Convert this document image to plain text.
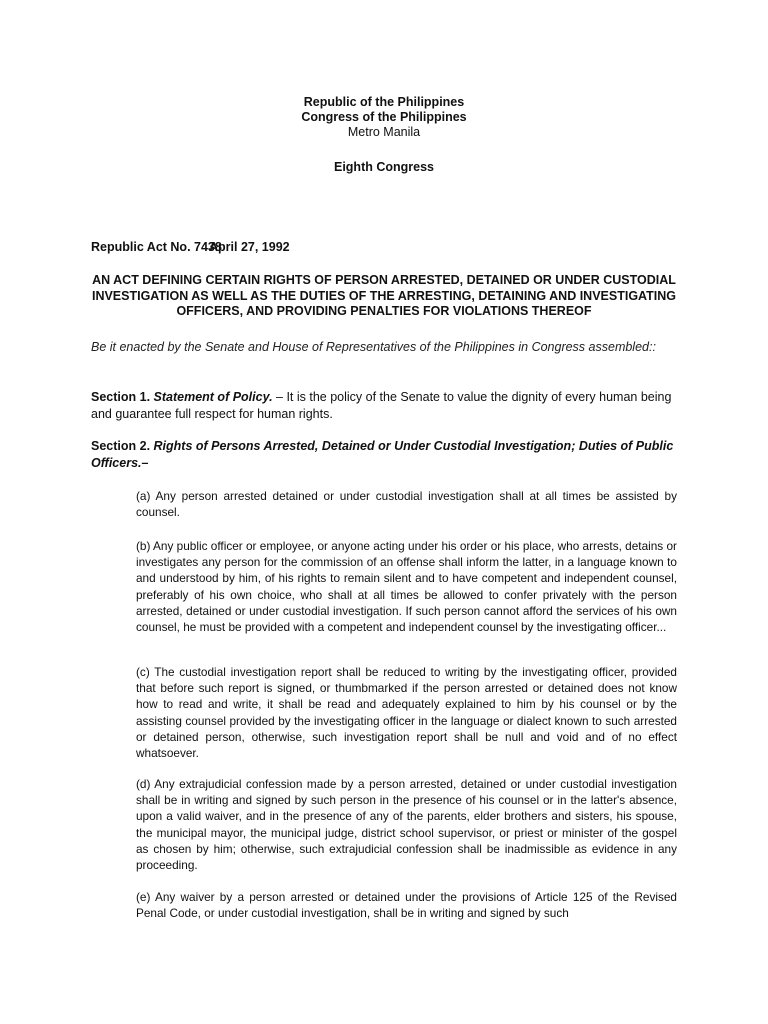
Republic of the Philippines
Congress of the Philippines
Metro Manila
Eighth Congress
Republic Act No. 7438
April 27, 1992
AN ACT DEFINING CERTAIN RIGHTS OF PERSON ARRESTED, DETAINED OR UNDER CUSTODIAL INVESTIGATION AS WELL AS THE DUTIES OF THE ARRESTING, DETAINING AND INVESTIGATING OFFICERS, AND PROVIDING PENALTIES FOR VIOLATIONS THEREOF
Be it enacted by the Senate and House of Representatives of the Philippines in Congress assembled::
Section 1. Statement of Policy. – It is the policy of the Senate to value the dignity of every human being and guarantee full respect for human rights.
Section 2. Rights of Persons Arrested, Detained or Under Custodial Investigation; Duties of Public Officers.–
(a) Any person arrested detained or under custodial investigation shall at all times be assisted by counsel.
(b) Any public officer or employee, or anyone acting under his order or his place, who arrests, detains or investigates any person for the commission of an offense shall inform the latter, in a language known to and understood by him, of his rights to remain silent and to have competent and independent counsel, preferably of his own choice, who shall at all times be allowed to confer privately with the person arrested, detained or under custodial investigation. If such person cannot afford the services of his own counsel, he must be provided with a competent and independent counsel by the investigating officer...
(c) The custodial investigation report shall be reduced to writing by the investigating officer, provided that before such report is signed, or thumbmarked if the person arrested or detained does not know how to read and write, it shall be read and adequately explained to him by his counsel or by the assisting counsel provided by the investigating officer in the language or dialect known to such arrested or detained person, otherwise, such investigation report shall be null and void and of no effect whatsoever.
(d) Any extrajudicial confession made by a person arrested, detained or under custodial investigation shall be in writing and signed by such person in the presence of his counsel or in the latter's absence, upon a valid waiver, and in the presence of any of the parents, elder brothers and sisters, his spouse, the municipal mayor, the municipal judge, district school supervisor, or priest or minister of the gospel as chosen by him; otherwise, such extrajudicial confession shall be inadmissible as evidence in any proceeding.
(e) Any waiver by a person arrested or detained under the provisions of Article 125 of the Revised Penal Code, or under custodial investigation, shall be in writing and signed by such
